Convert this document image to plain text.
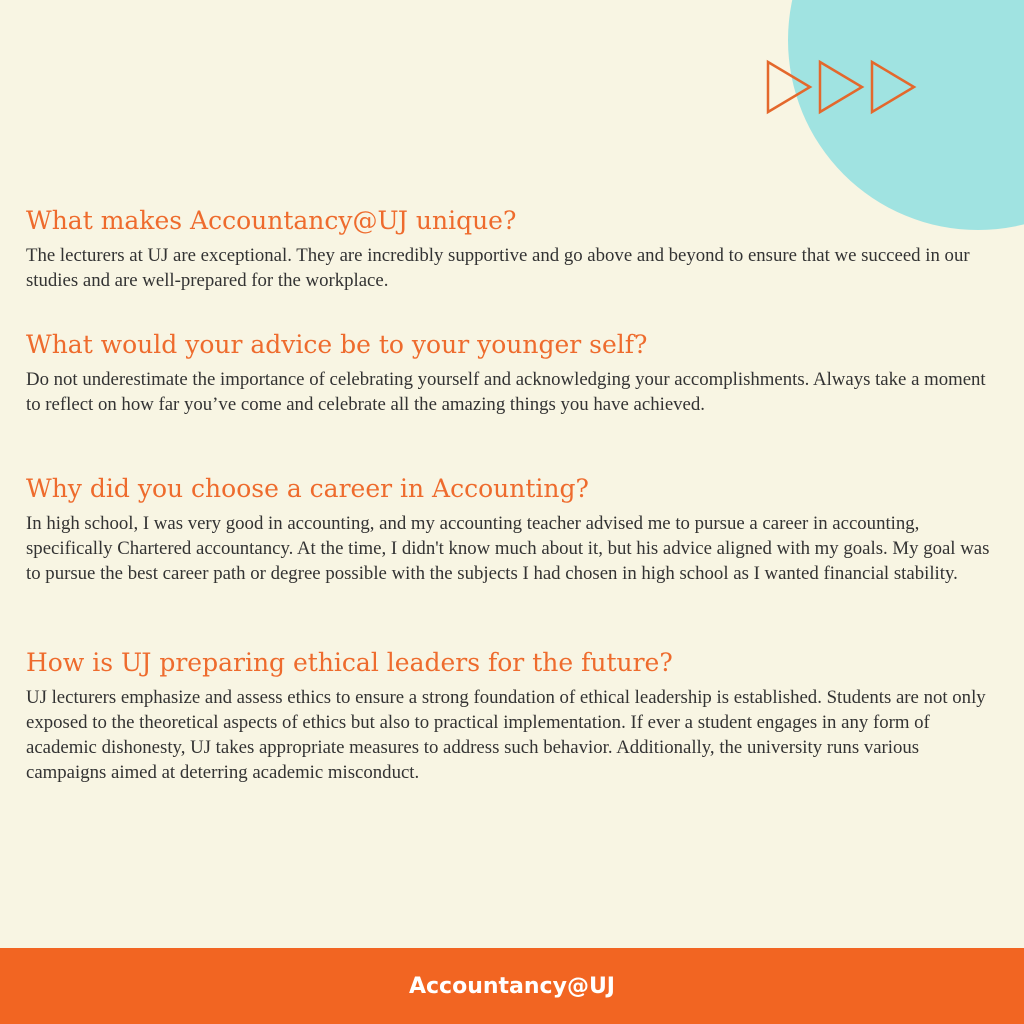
What makes Accountancy@UJ unique?

The lecturers at UJ are exceptional. They are incredibly supportive and go above and beyond to ensure that we succeed in our studies and are well-prepared for the workplace.

What would your advice be to your younger self?

Do not underestimate the importance of celebrating yourself and acknowledging your accomplishments. Always take a moment to reflect on how far you’ve come and celebrate all the amazing things you have achieved.

Why did you choose a career in Accounting?

In high school, I was very good in accounting, and my accounting teacher advised me to pursue a career in accounting, specifically Chartered accountancy. At the time, I didn't know much about it, but his advice aligned with my goals. My goal was to pursue the best career path or degree possible with the subjects I had chosen in high school as I wanted financial stability.

How is UJ preparing ethical leaders for the future?

UJ lecturers emphasize and assess ethics to ensure a strong foundation of ethical leadership is established. Students are not only exposed to the theoretical aspects of ethics but also to practical implementation. If ever a student engages in any form of academic dishonesty, UJ takes appropriate measures to address such behavior. Additionally, the university runs various campaigns aimed at deterring academic misconduct.

Accountancy@UJ
